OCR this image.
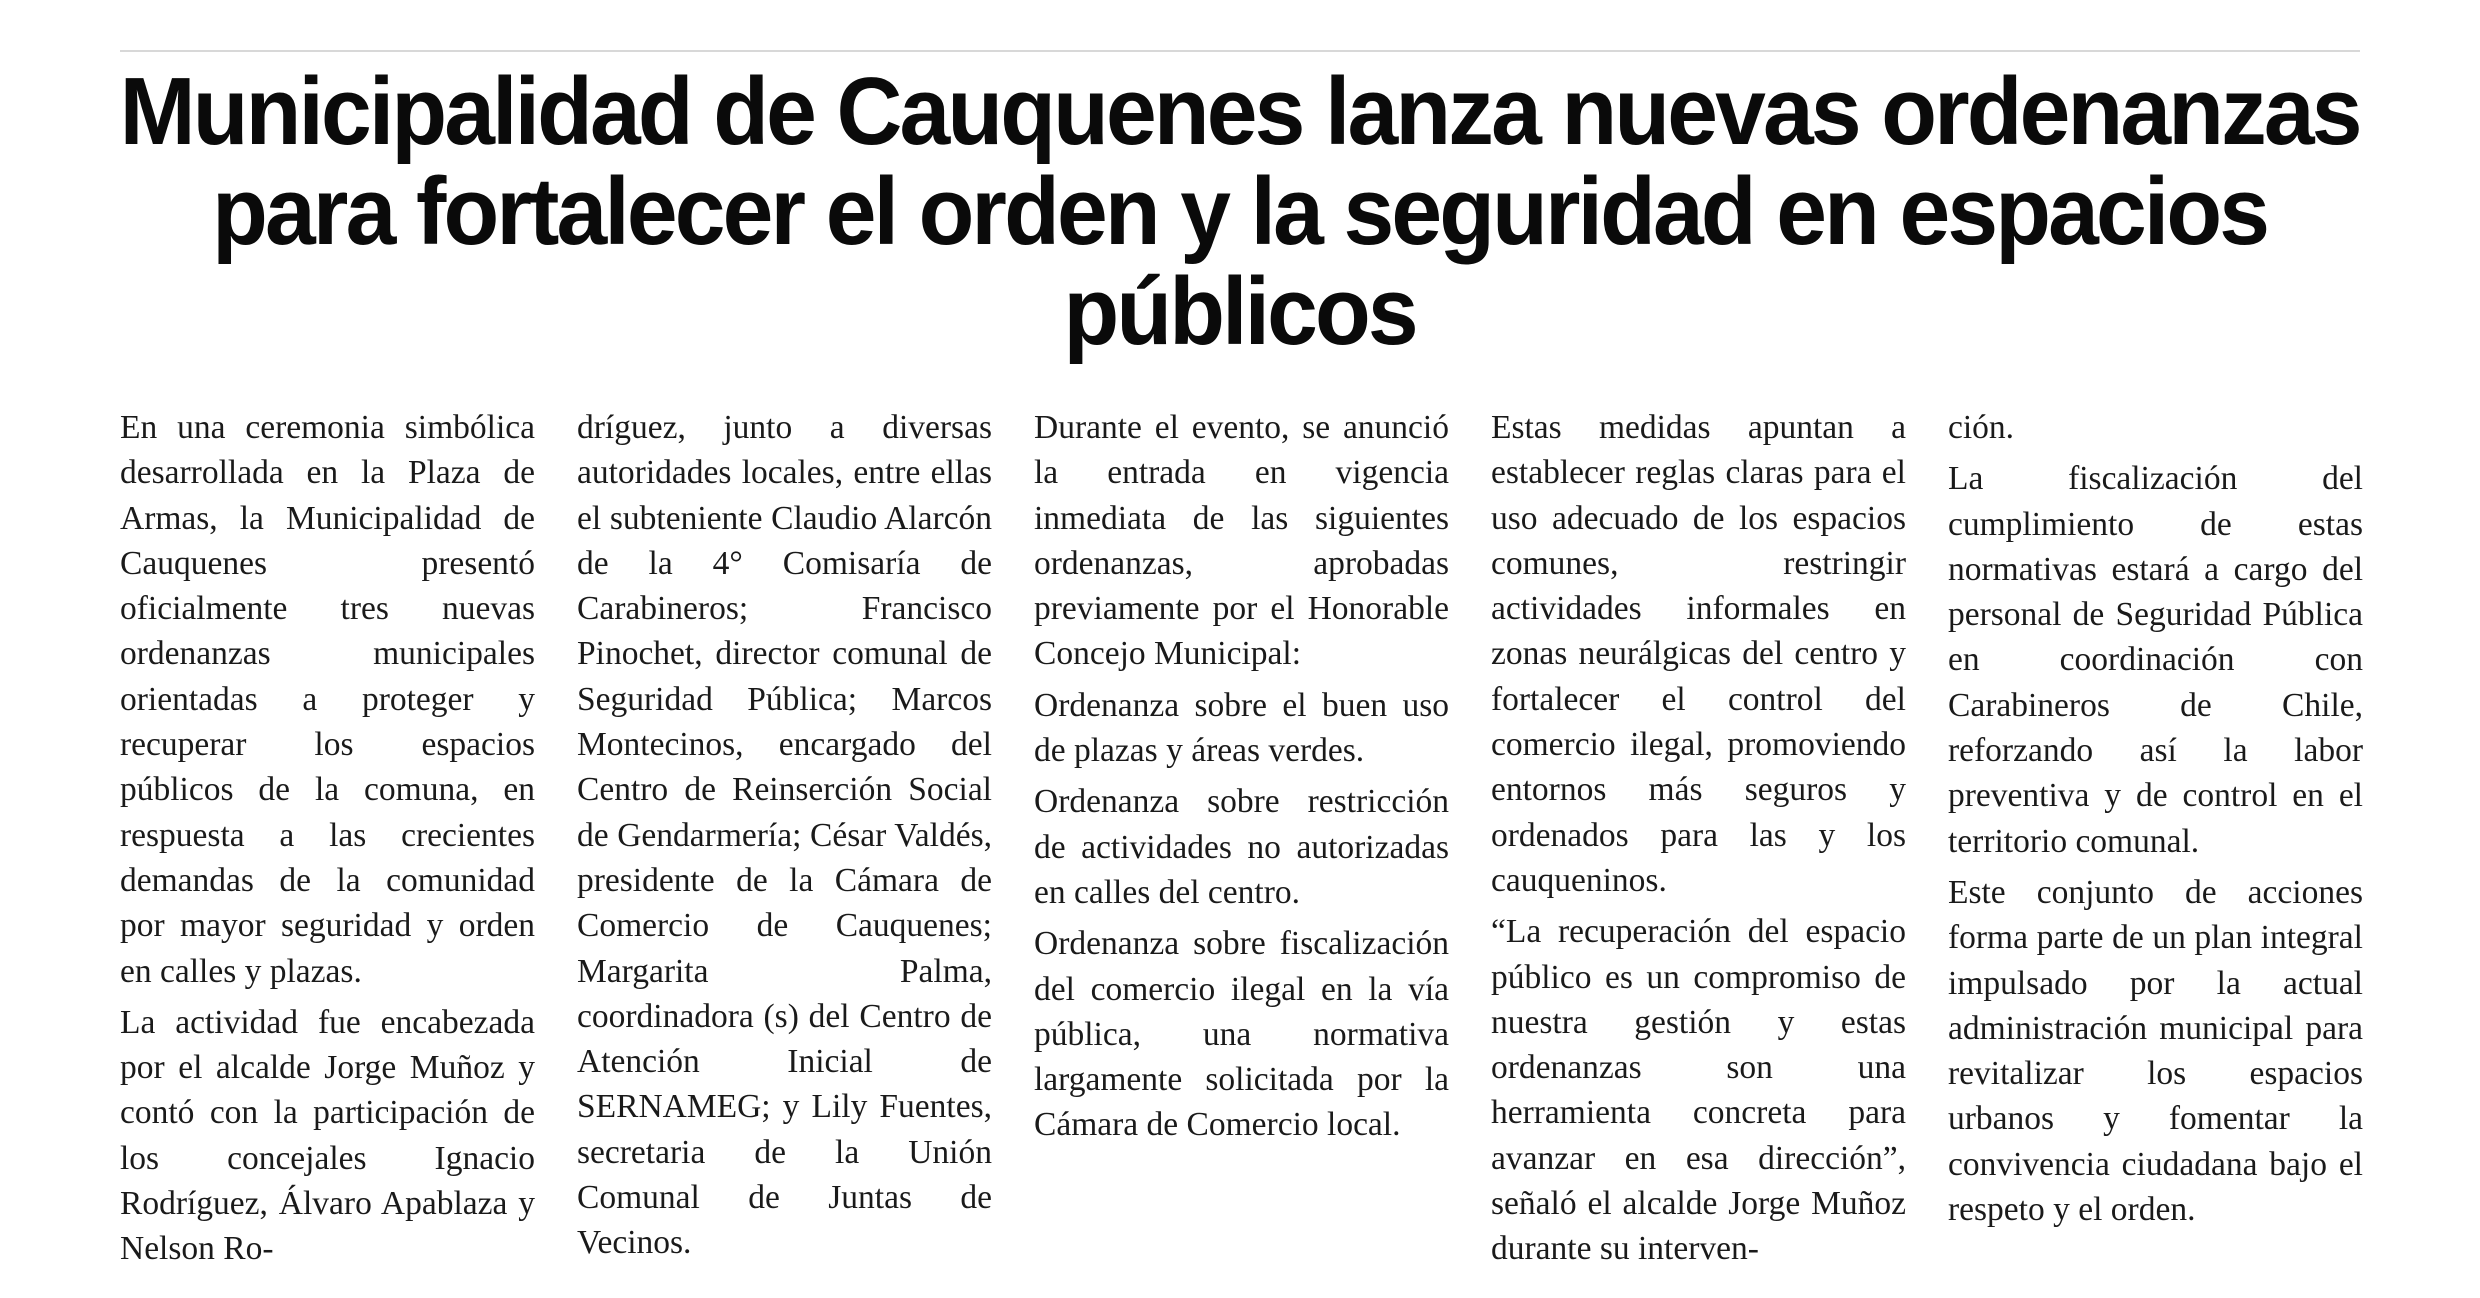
Municipalidad de Cauquenes lanza nuevas ordenanzas
para fortalecer el orden y la seguridad en espacios
públicos

En una ceremonia simbólica desarrollada en la Plaza de Armas, la Municipalidad de Cauquenes presentó oficialmente tres nuevas ordenanzas municipales orientadas a proteger y recuperar los espacios públicos de la comuna, en respuesta a las crecientes demandas de la comunidad por mayor seguridad y orden en calles y plazas.

La actividad fue encabezada por el alcalde Jorge Muñoz y contó con la participación de los concejales Ignacio Rodríguez, Álvaro Apablaza y Nelson Ro-

dríguez, junto a diversas autoridades locales, entre ellas el subteniente Claudio Alarcón de la 4° Comisaría de Carabineros; Francisco Pinochet, director comunal de Seguridad Pública; Marcos Montecinos, encargado del Centro de Reinserción Social de Gendarmería; César Valdés, presidente de la Cámara de Comercio de Cauquenes; Margarita Palma, coordinadora (s) del Centro de Atención Inicial de SERNAMEG; y Lily Fuentes, secretaria de la Unión Comunal de Juntas de Vecinos.

Durante el evento, se anunció la entrada en vigencia inmediata de las siguientes ordenanzas, aprobadas previamente por el Honorable Concejo Municipal:

Ordenanza sobre el buen uso de plazas y áreas verdes.

Ordenanza sobre restricción de actividades no autorizadas en calles del centro.

Ordenanza sobre fiscalización del comercio ilegal en la vía pública, una normativa largamente solicitada por la Cámara de Comercio local.

Estas medidas apuntan a establecer reglas claras para el uso adecuado de los espacios comunes, restringir actividades informales en zonas neurálgicas del centro y fortalecer el control del comercio ilegal, promoviendo entornos más seguros y ordenados para las y los cauqueninos.

“La recuperación del espacio público es un compromiso de nuestra gestión y estas ordenanzas son una herramienta concreta para avanzar en esa dirección”, señaló el alcalde Jorge Muñoz durante su interven-

ción.

La fiscalización del cumplimiento de estas normativas estará a cargo del personal de Seguridad Pública en coordinación con Carabineros de Chile, reforzando así la labor preventiva y de control en el territorio comunal.

Este conjunto de acciones forma parte de un plan integral impulsado por la actual administración municipal para revitalizar los espacios urbanos y fomentar la convivencia ciudadana bajo el respeto y el orden.
